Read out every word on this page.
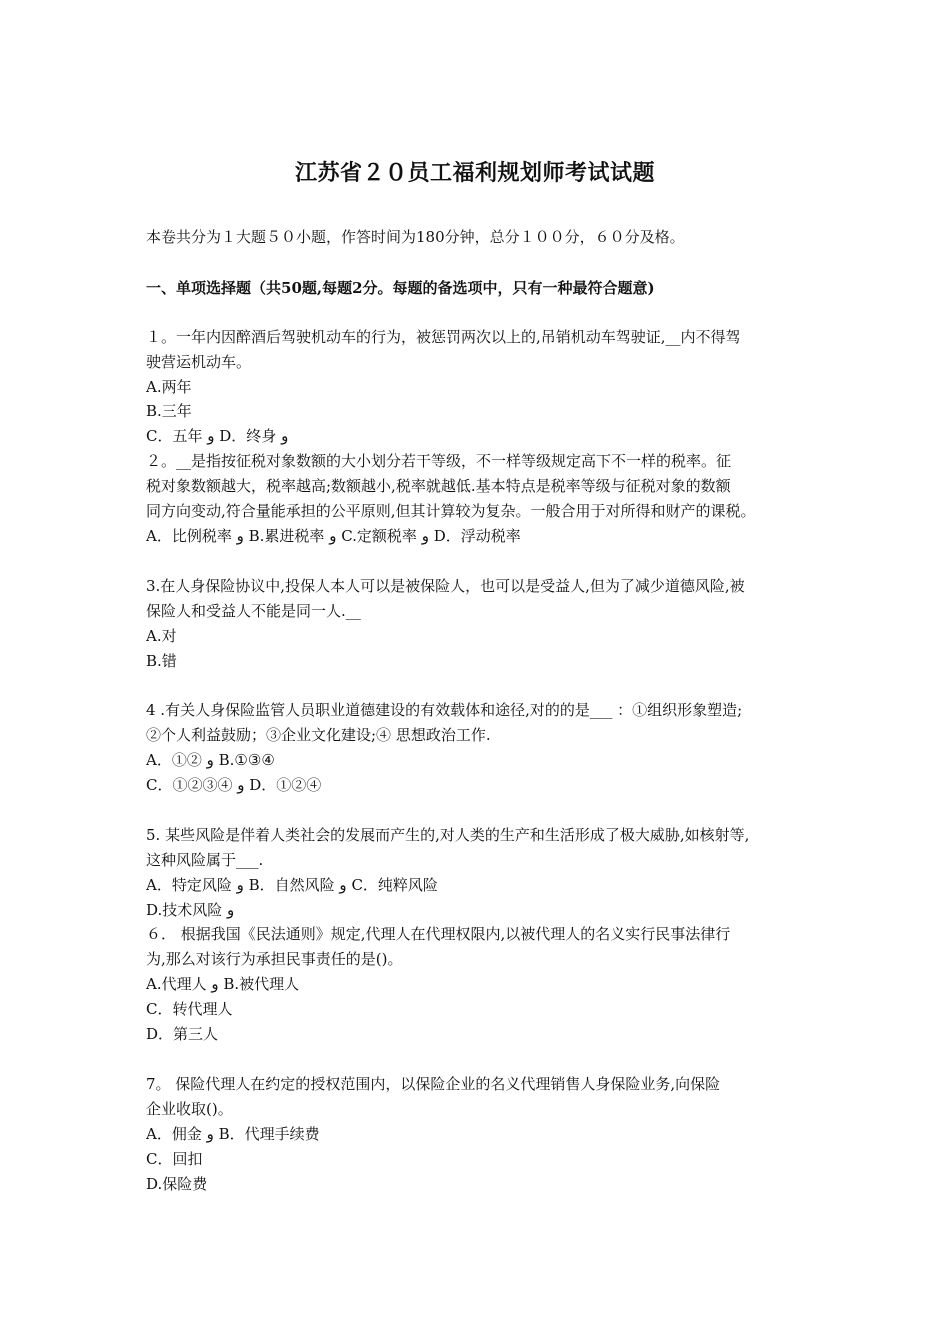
江苏省２０员工福利规划师考试试题
本卷共分为１大题５０小题，作答时间为180分钟，总分１００分，６０分及格。
一、单项选择题（共50题,每题2分。每题的备选项中，只有一种最符合题意)
１。一年内因醉酒后驾驶机动车的行为，被惩罚两次以上的,吊销机动车驾驶证,__内不得驾
驶营运机动车。
A.两年
B.三年
C．五年 و D．终身 و
２。__是指按征税对象数额的大小划分若干等级，不一样等级规定高下不一样的税率。征
税对象数额越大，税率越高;数额越小,税率就越低.基本特点是税率等级与征税对象的数额
同方向变动,符合量能承担的公平原则,但其计算较为复杂。一般合用于对所得和财产的课税。
A．比例税率 و B.累进税率 و C.定额税率 و D．浮动税率
3.在人身保险协议中,投保人本人可以是被保险人，也可以是受益人,但为了减少道德风险,被
保险人和受益人不能是同一人.__
A.对
B.错
4 .有关人身保险监管人员职业道德建设的有效载体和途径,对的的是___ ：①组织形象塑造;
②个人利益鼓励；③企业文化建设;④ 思想政治工作.
A．①② و B.①③④
C．①②③④ و D．①②④
5. 某些风险是伴着人类社会的发展而产生的,对人类的生产和生活形成了极大威胁,如核射等,
这种风险属于___.
A．特定风险 و B．自然风险 و C．纯粹风险
D.技术风险 و
６． 根据我国《民法通则》规定,代理人在代理权限内,以被代理人的名义实行民事法律行
为,那么对该行为承担民事责任的是()。
A.代理人 و B.被代理人
C．转代理人
D．第三人
7。 保险代理人在约定的授权范围内，以保险企业的名义代理销售人身保险业务,向保险
企业收取()。
A．佣金 و B．代理手续费
C．回扣
D.保险费
